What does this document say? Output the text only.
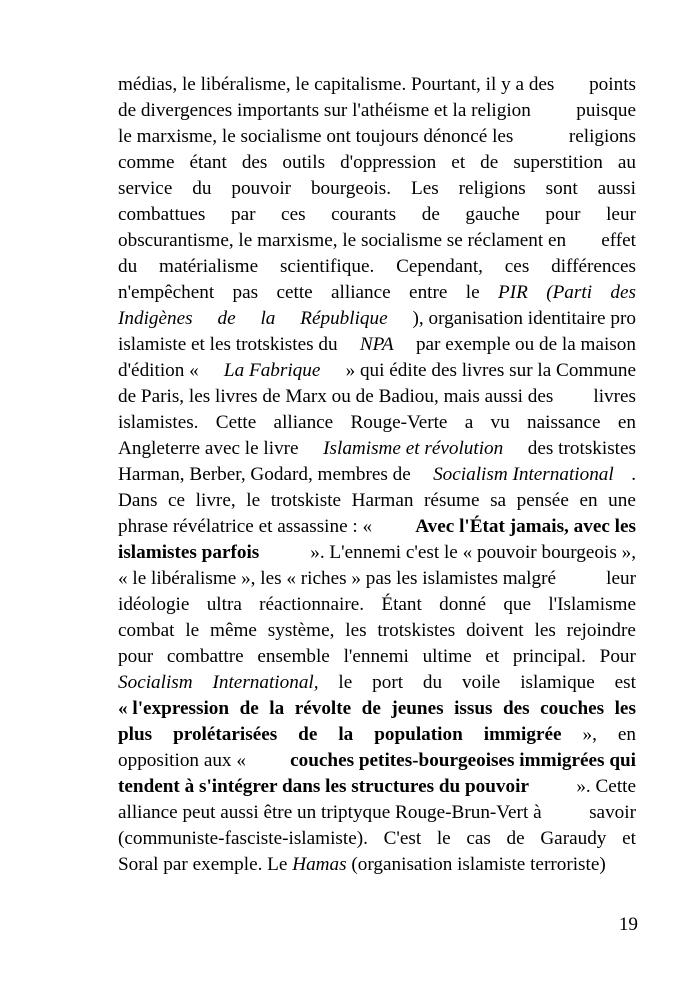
médias, le libéralisme, le capitalisme. Pourtant, il y a des points
de divergences importants sur l'athéisme et la religion puisque
le marxisme, le socialisme ont toujours dénoncé les	religions
comme étant des outils d'oppression et de superstition au
service du pouvoir bourgeois. Les religions sont aussi
combattues par ces courants de gauche pour leur
obscurantisme, le marxisme, le socialisme se réclament en effet
du matérialisme scientifique. Cependant, ces différences
n'empêchent pas cette alliance entre le PIR (Parti des
Indigènes de la République ), organisation identitaire pro
islamiste et les trotskistes du NPA par exemple ou de la maison
d'édition « La Fabrique » qui édite des livres sur la Commune
de Paris, les livres de Marx ou de Badiou, mais aussi des livres
islamistes. Cette alliance Rouge-Verte a vu naissance en
Angleterre avec le livre Islamisme et révolution des trotskistes
Harman, Berber, Godard, membres de Socialism International .
Dans ce livre, le trotskiste Harman résume sa pensée en une
phrase révélatrice et assassine : « Avec l'État jamais, avec les
islamistes parfois ». L'ennemi c'est le « pouvoir bourgeois »,
« le libéralisme », les « riches » pas les islamistes malgré	leur
idéologie ultra réactionnaire. Étant donné que l'Islamisme
combat le même système, les trotskistes doivent les rejoindre
pour combattre ensemble l'ennemi ultime et principal. Pour
Socialism International, le port du voile islamique est
« l'expression de la révolte de jeunes issus des couches les
plus prolétarisées de la population immigrée », en
opposition aux « couches petites-bourgeoises immigrées qui
tendent à s'intégrer dans les structures du pouvoir ». Cette
alliance peut aussi être un triptyque Rouge-Brun-Vert à savoir
(communiste-fasciste-islamiste). C'est le cas de Garaudy et
Soral par exemple. Le Hamas (organisation islamiste terroriste)
19
